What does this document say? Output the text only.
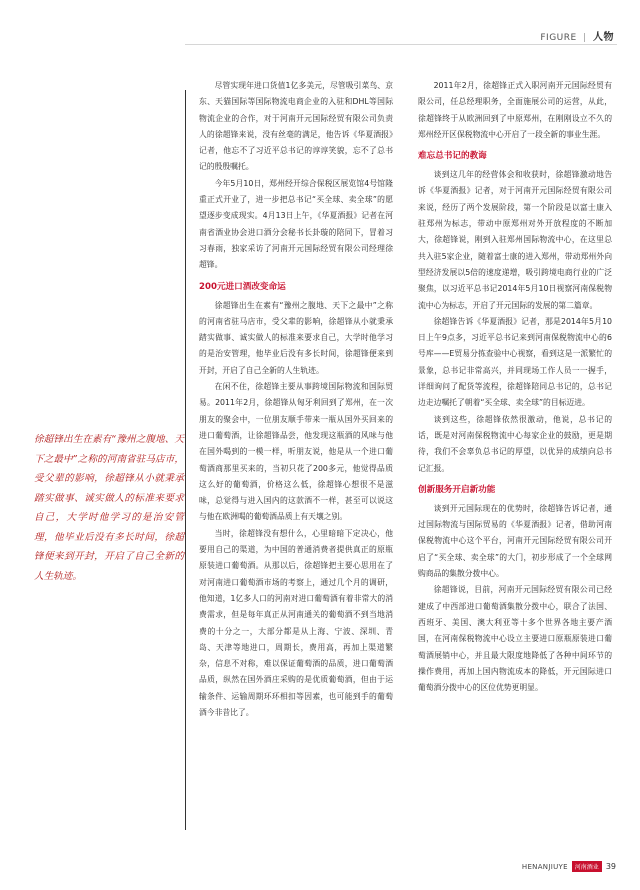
FIGURE | 人物
徐超锋出生在素有“豫州之腹地、天下之最中”之称的河南省驻马店市，受父辈的影响，徐超锋从小就秉承踏实做事、诚实做人的标准来要求自己，大学时他学习的是治安管理，他毕业后没有多长时间，徐超锋便来到开封，开启了自己全新的人生轨迹。

尽管实现年进口货值1亿多美元，尽管吸引菜鸟、京东、天猫国际等国际物流电商企业的入驻和DHL等国际物流企业的合作，对于河南开元国际经贸有限公司负责人的徐超锋来说，没有丝毫的满足，他告诉《华夏酒报》记者，他忘不了习近平总书记的谆谆笑貌，忘不了总书记的殷殷嘱托。

今年5月10日，郑州经开综合保税区展览馆4号馆隆重正式开业了，进一步把总书记“买全球、卖全球”的愿望逐步变成现实。4月13日上午，《华夏酒报》记者在河南省酒业协会进口酒分会秘书长卦璇的陪同下，冒着习习春雨，独家采访了河南开元国际经贸有限公司经理徐超锋。

200元进口酒改变命运

徐超锋出生在素有“豫州之腹地、天下之最中”之称的河南省驻马店市，受父辈的影响，徐超锋从小就秉承踏实做事、诚实做人的标准来要求自己，大学时他学习的是治安管理，他毕业后没有多长时间，徐超锋便来到开封，开启了自己全新的人生轨迹。

在闲不住，徐超锋主要从事跨境国际物流和国际贸易。2011年2月，徐超锋从匈牙利回到了郑州，在一次朋友的聚会中，一位朋友顺手带来一瓶从国外买回来的进口葡萄酒，让徐超锋品尝，他发现这瓶酒的风味与他在国外喝到的一模一样，听朋友说，他是从一个进口葡萄酒商那里买来的，当初只花了200多元，他觉得品质这么好的葡萄酒，价格这么低，徐超锋心想很不是滋味，总觉得与进入国内的这款酒不一样，甚至可以说这与他在欧洲喝的葡萄酒品质上有天壤之别。

当时，徐超锋没有想什么，心里暗暗下定决心，他要用自己的渠道，为中国的普通消费者提供真正的原瓶原装进口葡萄酒。从那以后，徐超锋把主要心思用在了对河南进口葡萄酒市场的考察上，通过几个月的调研，他知道，1亿多人口的河南对进口葡萄酒有着非常大的消费需求，但是每年真正从河南通关的葡萄酒不到当地消费的十分之一，大部分都是从上海、宁波、深圳、青岛、天津等地进口，周期长，费用高，再加上渠道繁杂，信息不对称，难以保证葡萄酒的品质，进口葡萄酒品质，纵然在国外酒庄采购的是优质葡萄酒，但由于运输条件、运输周期环环相扣等因素，也可能到手的葡萄酒今非昔比了。

2011年2月，徐超锋正式入职河南开元国际经贸有限公司，任总经理职务，全面施展公司的运营，从此，徐超锋终于从欧洲回到了中原郑州，在刚刚设立不久的郑州经开区保税物流中心开启了一段全新的事业生涯。

难忘总书记的教诲

谈到这几年的经营体会和收获时，徐超锋激动地告诉《华夏酒报》记者，对于河南开元国际经贸有限公司来说，经历了两个发展阶段，第一个阶段是以富士康入驻郑州为标志，带动中原郑州对外开放程度的不断加大，徐超锋说，刚到入驻郑州国际物流中心，在这里总共入驻5家企业，随着富士康的进入郑州，带动郑州外向型经济发展以5倍的速度递增，吸引跨境电商行业的广泛聚焦，以习近平总书记2014年5月10日视察河南保税物流中心为标志，开启了开元国际的发展的第二篇章。

徐超锋告诉《华夏酒报》记者，那是2014年5月10日上午9点多，习近平总书记来到河南保税物流中心的6号库——E贸易分拣查验中心视察，看到这是一派繁忙的景象，总书记非常高兴，并同现场工作人员一一握手，详细询问了配货等流程，徐超锋陪同总书记的，总书记边走边嘱托了朝着“买全球、卖全球”的目标迈进。

谈到这些，徐超锋依然很激动，他说，总书记的话，既是对河南保税物流中心每家企业的鼓励，更是期待，我们不会辜负总书记的厚望，以优异的成绩向总书记汇报。

创新服务开启新功能

谈到开元国际现在的优势时，徐超锋告诉记者，通过国际物流与国际贸易的《华夏酒报》记者，借助河南保税物流中心这个平台，河南开元国际经贸有限公司开启了“买全球、卖全球”的大门，初步形成了一个全球网购商品的集散分拨中心。

徐超锋说，目前，河南开元国际经贸有限公司已经建成了中西部进口葡萄酒集散分拨中心，联合了法国、西班牙、美国、澳大利亚等十多个世界各地主要产酒国，在河南保税物流中心设立主要进口原瓶原装进口葡萄酒展销中心，并且最大限度地降低了各种中间环节的操作费用，再加上国内物流成本的降低，开元国际进口葡萄酒分拨中心的区位优势更明显。

HENANJIUYE	河南酒业 39
